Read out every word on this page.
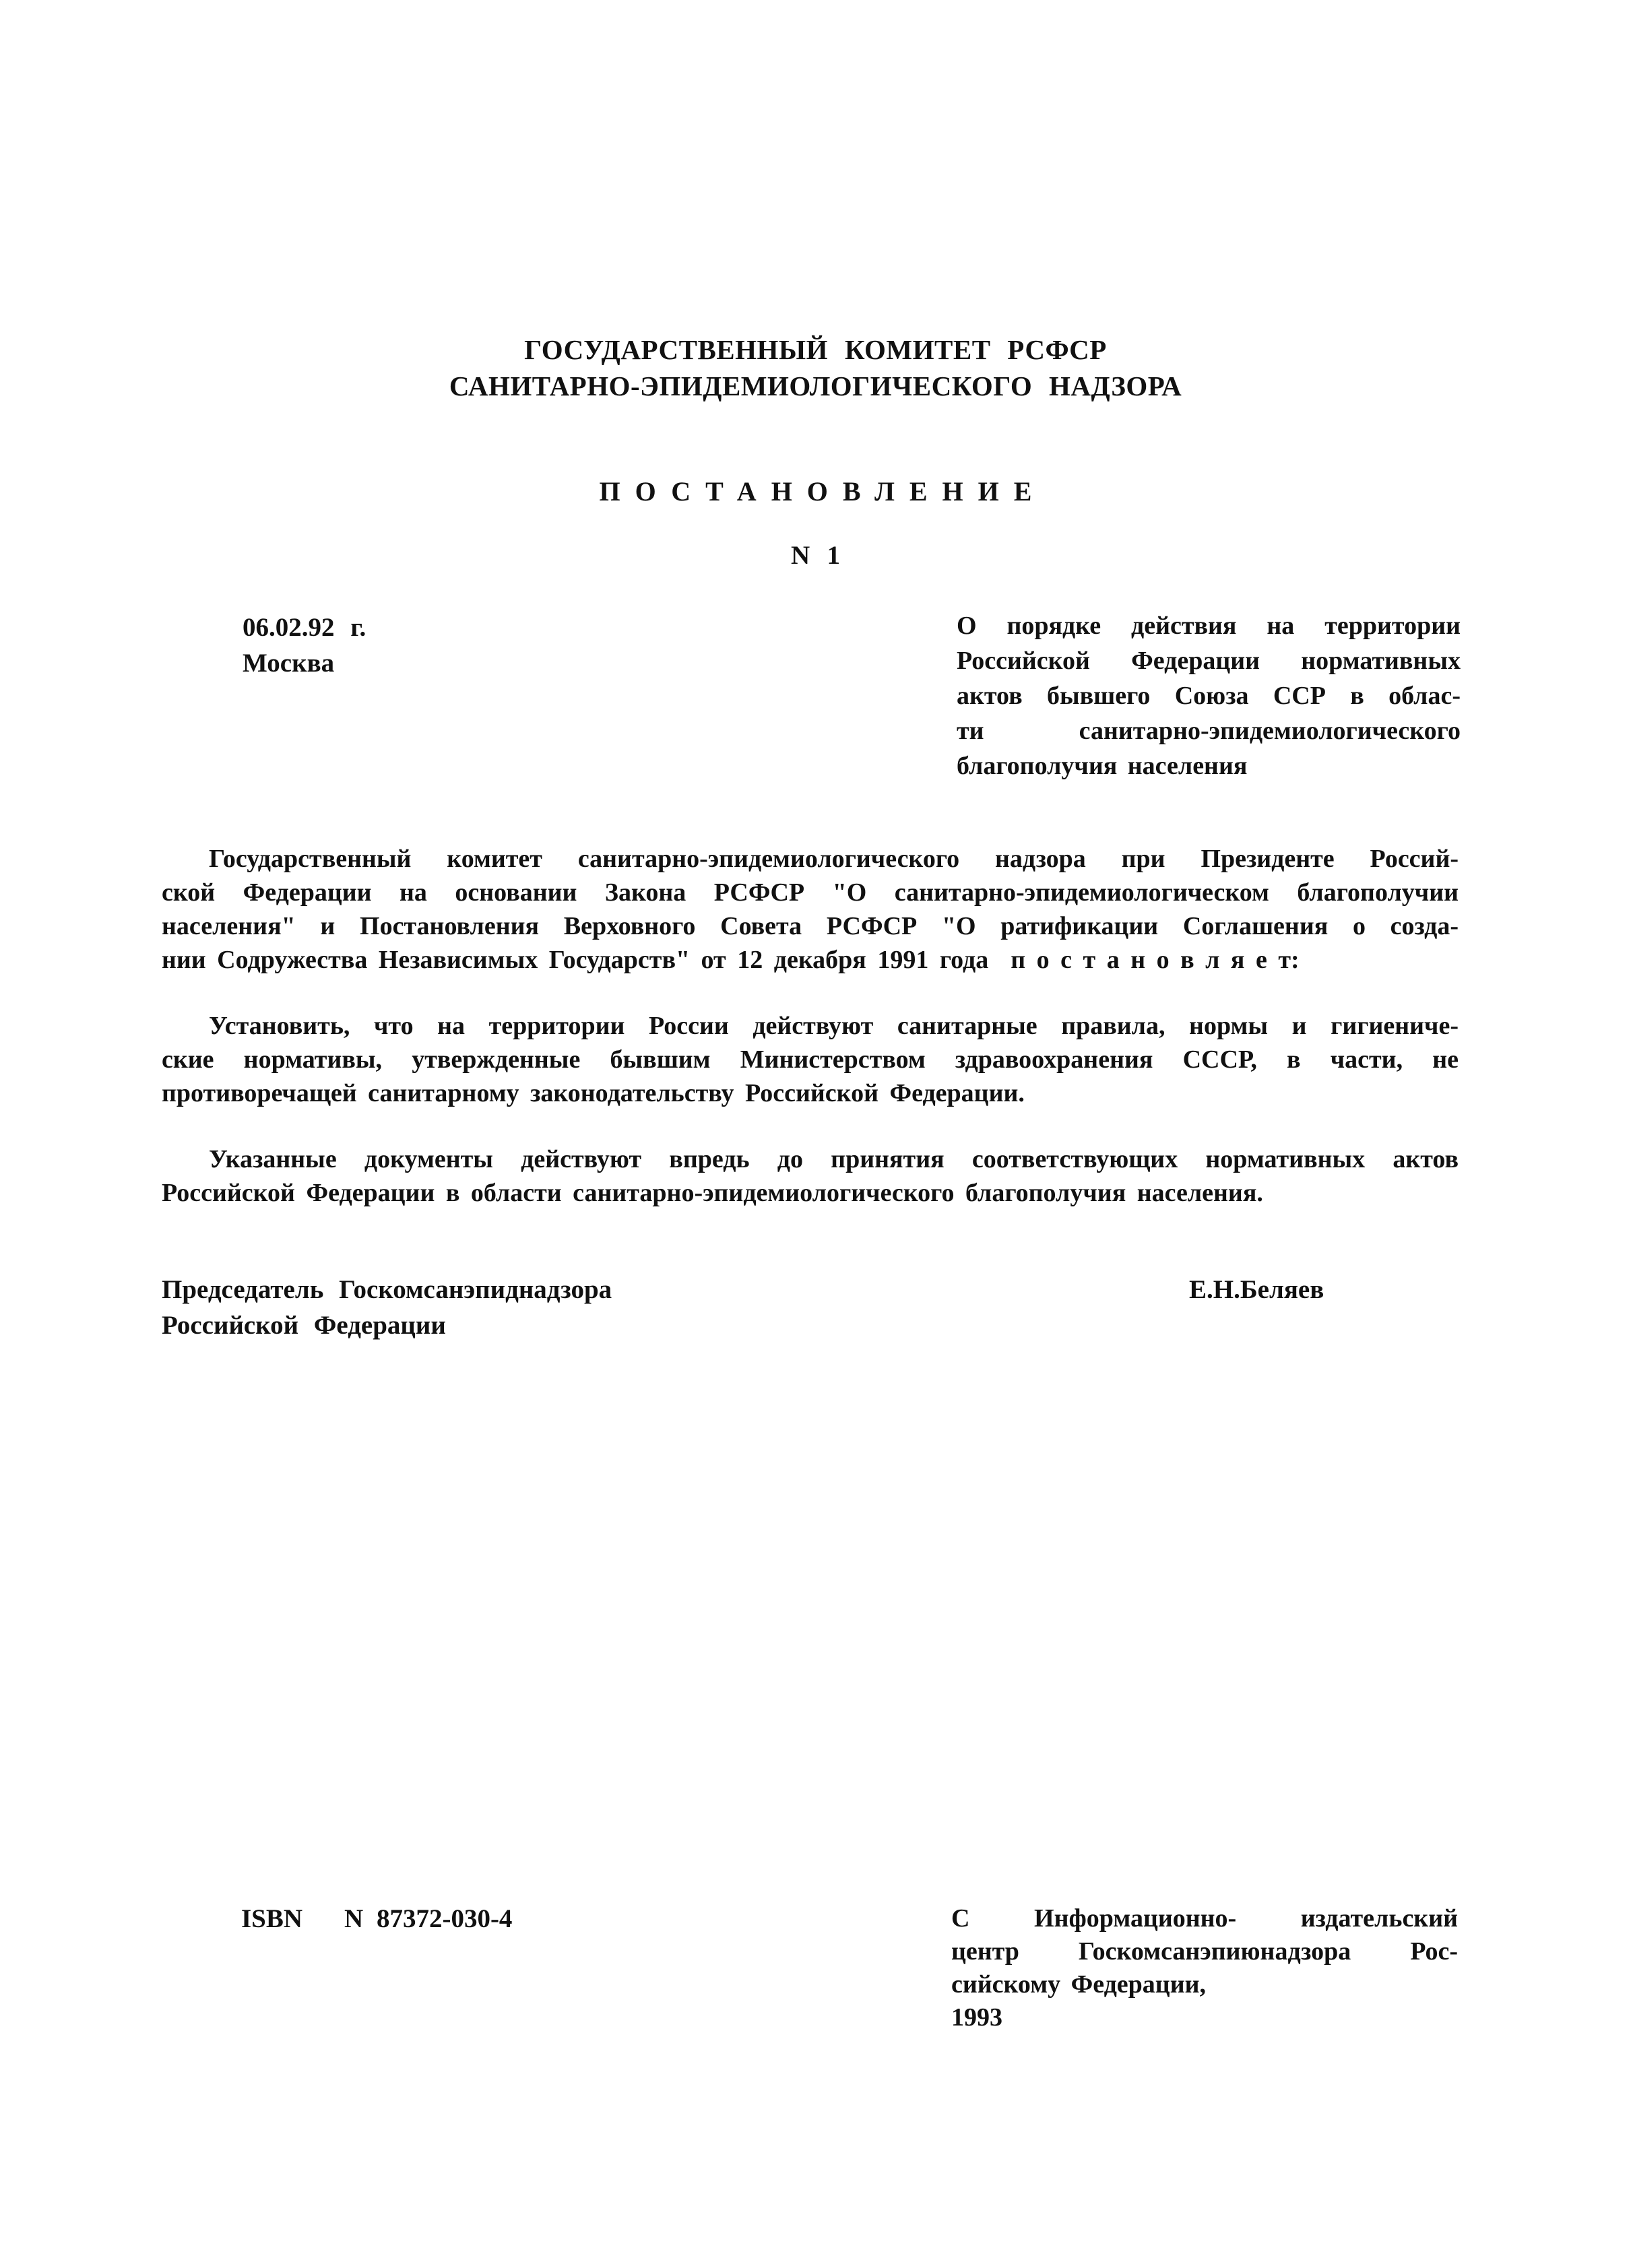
ГОСУДАРСТВЕННЫЙ КОМИТЕТ РСФСР
САНИТАРНО-ЭПИДЕМИОЛОГИЧЕСКОГО НАДЗОРА
ПОСТАНОВЛЕНИЕ
N 1
06.02.92 г.
Москва
О порядке действия на территории
Российской Федерации нормативных
актов бывшего Союза ССР в облас-
ти санитарно-эпидемиологического
благополучия населения
Государственный комитет санитарно-эпидемиологического надзора при Президенте Россий-
ской Федерации на основании Закона РСФСР "О санитарно-эпидемиологическом благополучии
населения" и Постановления Верховного Совета РСФСР "О ратификации Соглашения о созда-
нии Содружества Независимых Государств" от 12 декабря 1991 года  п о с т а н о в л я е т:
Установить, что на территории России действуют санитарные правила, нормы и гигиениче-
ские нормативы, утвержденные бывшим Министерством здравоохранения СССР, в части, не
противоречащей санитарному законодательству Российской Федерации.
Указанные документы действуют впредь до принятия соответствующих нормативных актов
Российской Федерации в области санитарно-эпидемиологического благополучия населения.
Председатель Госкомсанэпиднадзора
Российской Федерации
Е.Н.Беляев
ISBN N 87372-030-4	С Информационно- издательский
центр Госкомсанэпиюнадзора Рос-
сийскому Федерации,
1993
